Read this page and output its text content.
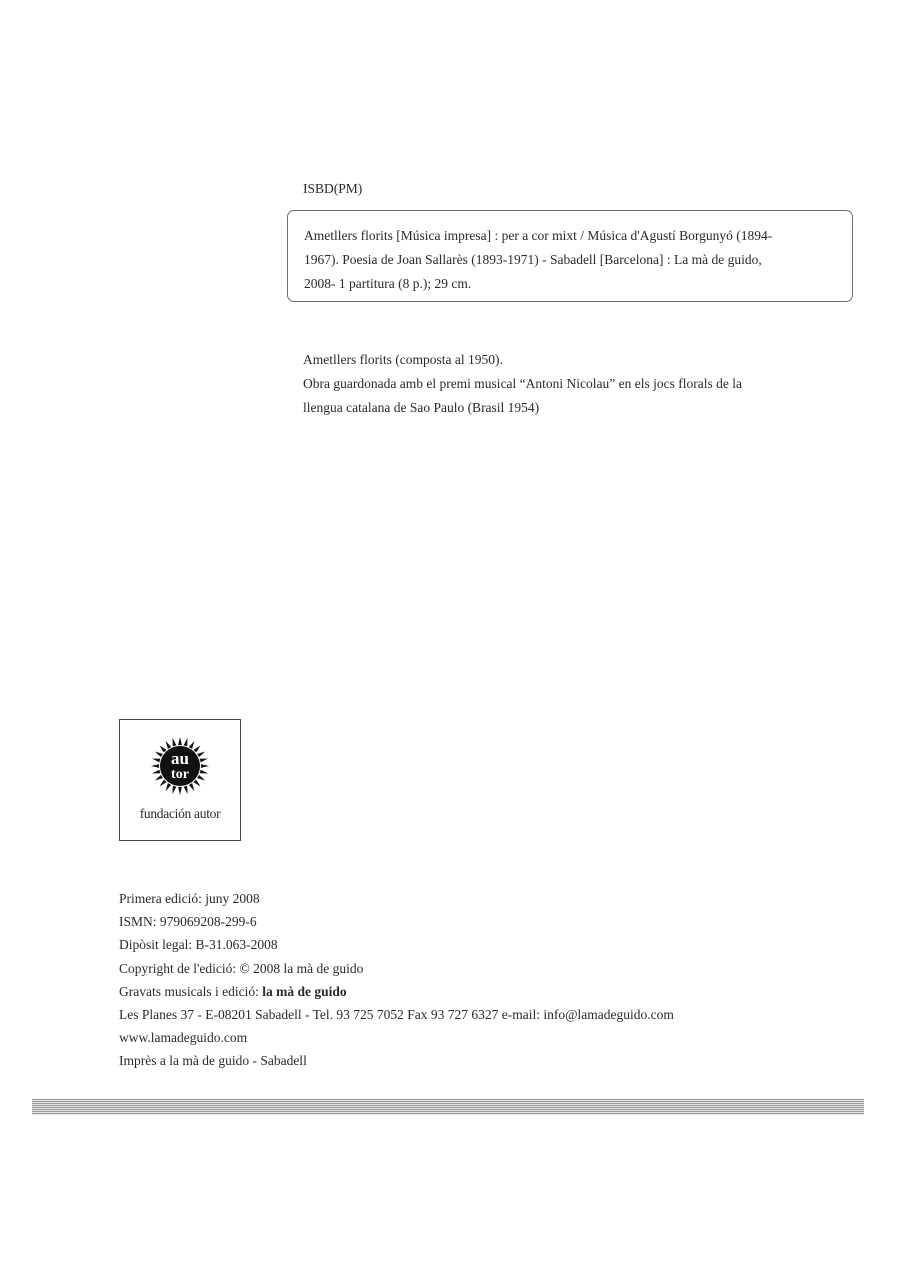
ISBD(PM)
Ametllers florits [Música impresa] : per a cor mixt / Música d'Agustí Borgunyó (1894-
1967). Poesia de Joan Sallarès (1893-1971) - Sabadell [Barcelona] : La mà de guido,
2008- 1 partitura (8 p.); 29 cm.
Ametllers florits (composta al 1950).
Obra guardonada amb el premi musical “Antoni Nicolau” en els jocs florals de la
llengua catalana de Sao Paulo (Brasil 1954)
au
tor
fundación autor
Primera edició: juny 2008
ISMN: 979069208-299-6
Dipòsit legal: B-31.063-2008
Copyright de l'edició: © 2008 la mà de guido
Gravats musicals i edició: la mà de guido
Les Planes 37 - E-08201 Sabadell - Tel. 93 725 7052 Fax 93 727 6327 e-mail: info@lamadeguido.com
www.lamadeguido.com
Imprès a la mà de guido - Sabadell
